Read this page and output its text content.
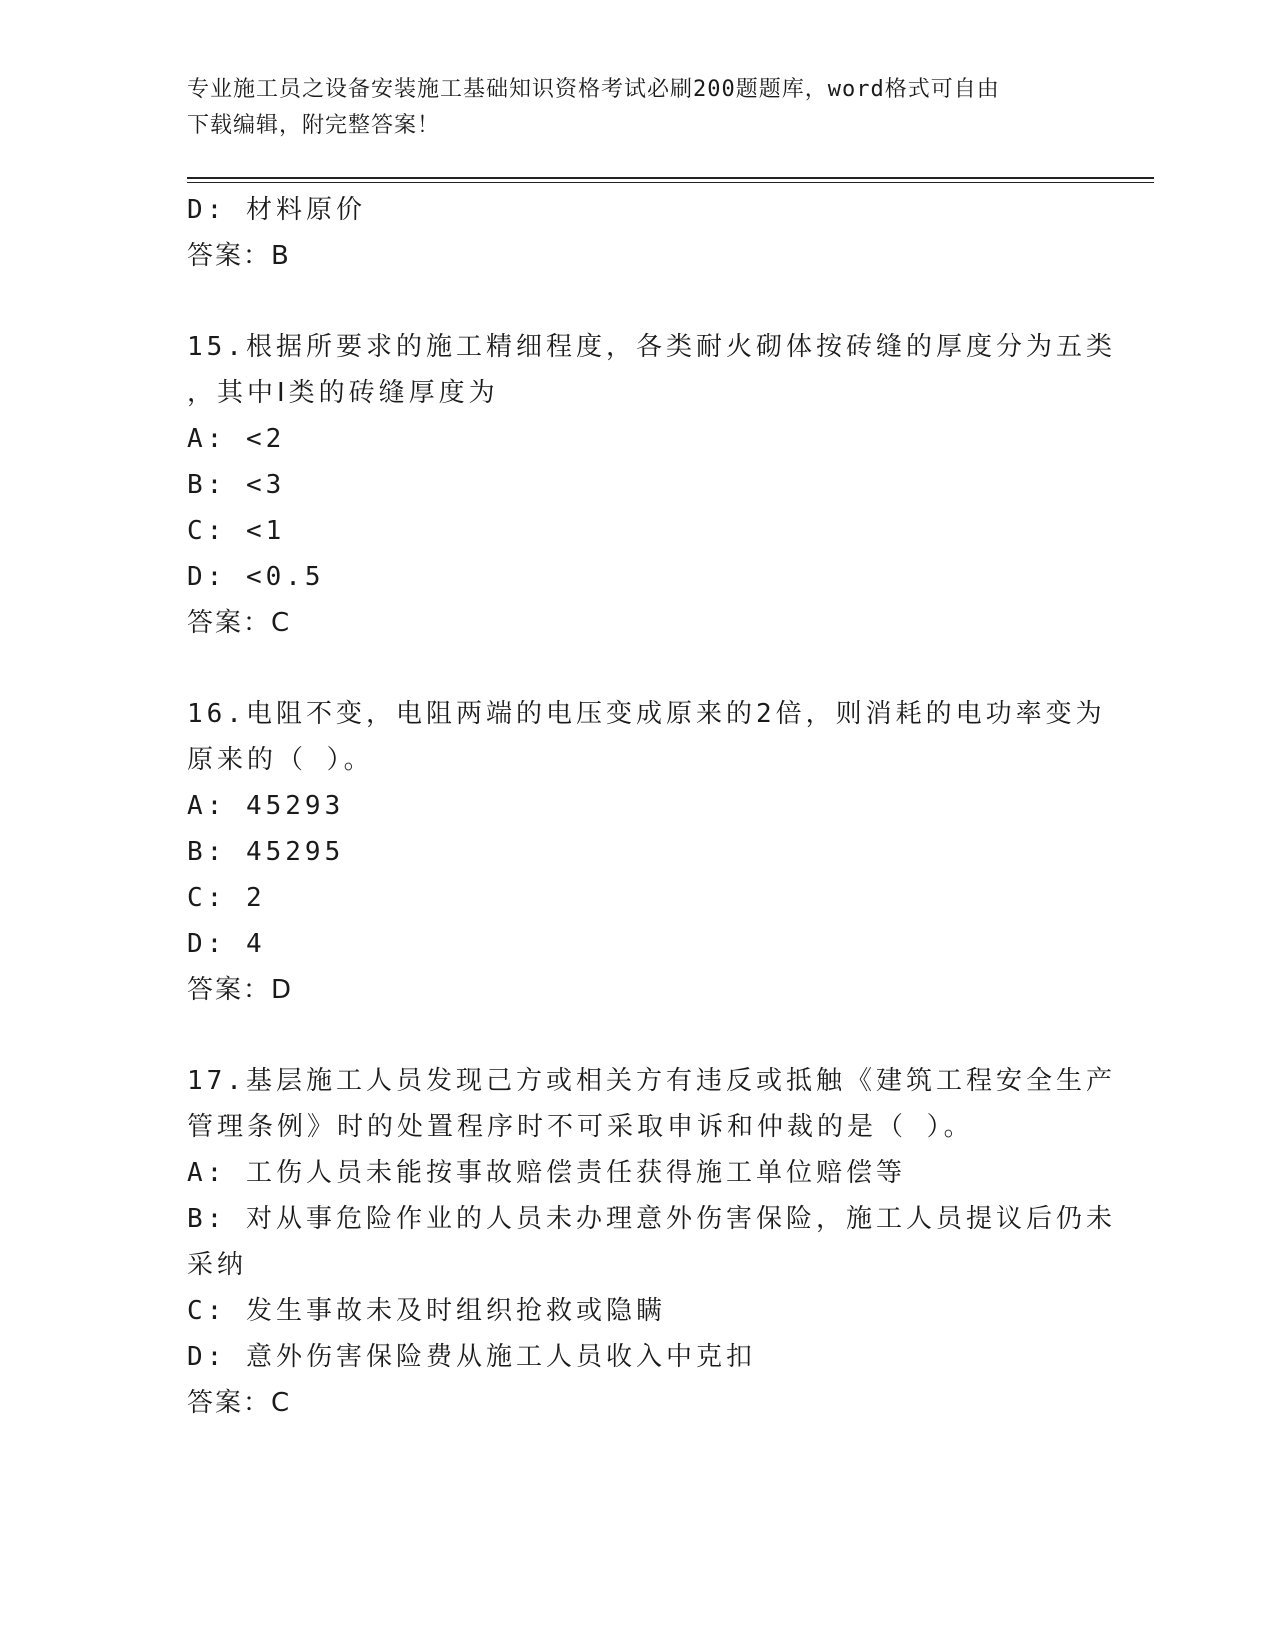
专业施工员之设备安装施工基础知识资格考试必刷200题题库，word格式可自由
下载编辑，附完整答案！
D: 材料原价
答案：B
15.根据所要求的施工精细程度，各类耐火砌体按砖缝的厚度分为五类
，其中Ⅰ类的砖缝厚度为
A: <2
B: <3
C: <1
D: <0.5
答案：C
16.电阻不变，电阻两端的电压变成原来的2倍，则消耗的电功率变为
原来的（ ）。
A: 45293
B: 45295
C: 2
D: 4
答案：D
17.基层施工人员发现己方或相关方有违反或抵触《建筑工程安全生产
管理条例》时的处置程序时不可采取申诉和仲裁的是（ ）。
A: 工伤人员未能按事故赔偿责任获得施工单位赔偿等
B: 对从事危险作业的人员未办理意外伤害保险，施工人员提议后仍未
采纳
C: 发生事故未及时组织抢救或隐瞒
D: 意外伤害保险费从施工人员收入中克扣
答案：C
